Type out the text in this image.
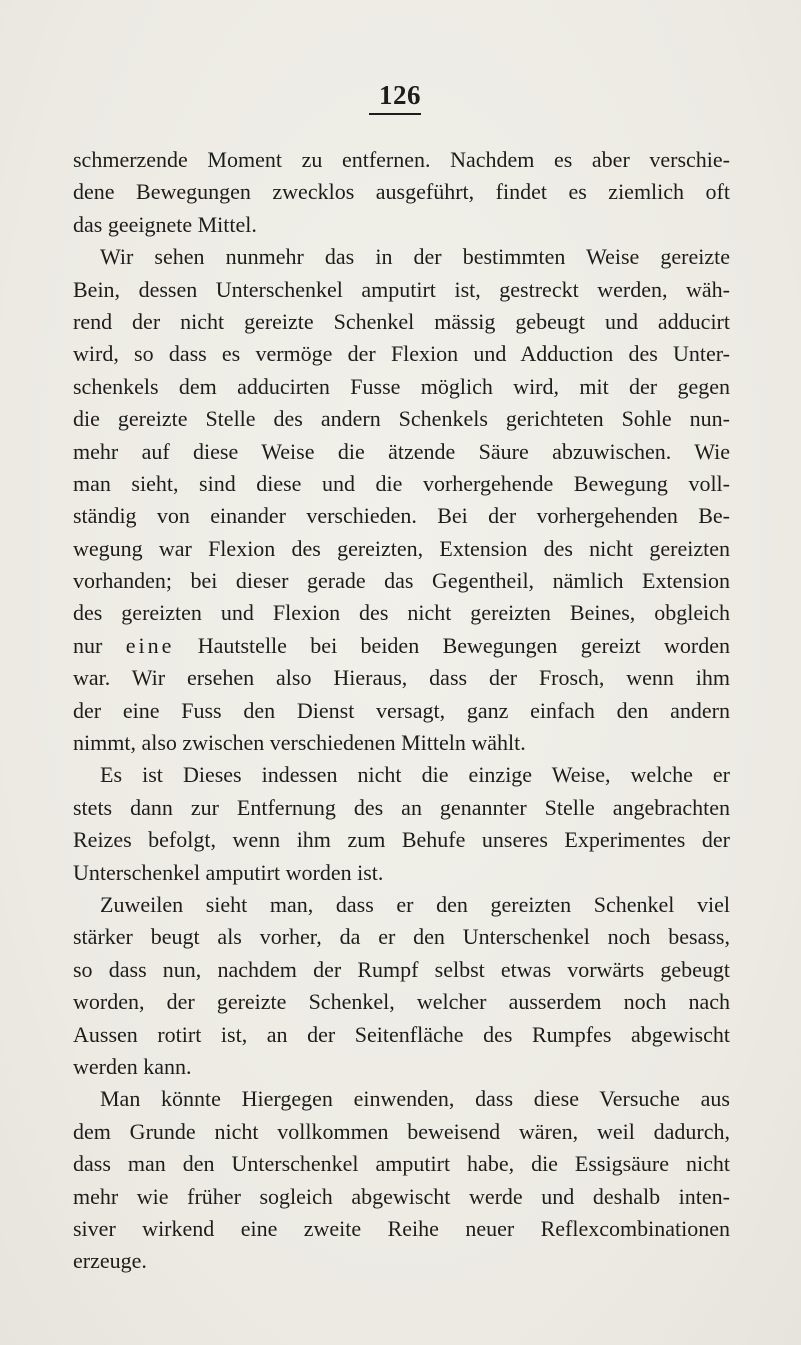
126
schmerzende Moment zu entfernen. Nachdem es aber verschie-
dene Bewegungen zwecklos ausgeführt, findet es ziemlich oft
das geeignete Mittel.
Wir sehen nunmehr das in der bestimmten Weise gereizte
Bein, dessen Unterschenkel amputirt ist, gestreckt werden, wäh-
rend der nicht gereizte Schenkel mässig gebeugt und adducirt
wird, so dass es vermöge der Flexion und Adduction des Unter-
schenkels dem adducirten Fusse möglich wird, mit der gegen
die gereizte Stelle des andern Schenkels gerichteten Sohle nun-
mehr auf diese Weise die ätzende Säure abzuwischen. Wie
man sieht, sind diese und die vorhergehende Bewegung voll-
ständig von einander verschieden. Bei der vorhergehenden Be-
wegung war Flexion des gereizten, Extension des nicht gereizten
vorhanden; bei dieser gerade das Gegentheil, nämlich Extension
des gereizten und Flexion des nicht gereizten Beines, obgleich
nur eine Hautstelle bei beiden Bewegungen gereizt worden
war. Wir ersehen also Hieraus, dass der Frosch, wenn ihm
der eine Fuss den Dienst versagt, ganz einfach den andern
nimmt, also zwischen verschiedenen Mitteln wählt.
Es ist Dieses indessen nicht die einzige Weise, welche er
stets dann zur Entfernung des an genannter Stelle angebrachten
Reizes befolgt, wenn ihm zum Behufe unseres Experimentes der
Unterschenkel amputirt worden ist.
Zuweilen sieht man, dass er den gereizten Schenkel viel
stärker beugt als vorher, da er den Unterschenkel noch besass,
so dass nun, nachdem der Rumpf selbst etwas vorwärts gebeugt
worden, der gereizte Schenkel, welcher ausserdem noch nach
Aussen rotirt ist, an der Seitenfläche des Rumpfes abgewischt
werden kann.
Man könnte Hiergegen einwenden, dass diese Versuche aus
dem Grunde nicht vollkommen beweisend wären, weil dadurch,
dass man den Unterschenkel amputirt habe, die Essigsäure nicht
mehr wie früher sogleich abgewischt werde und deshalb inten-
siver wirkend eine zweite Reihe neuer Reflexcombinationen
erzeuge.
